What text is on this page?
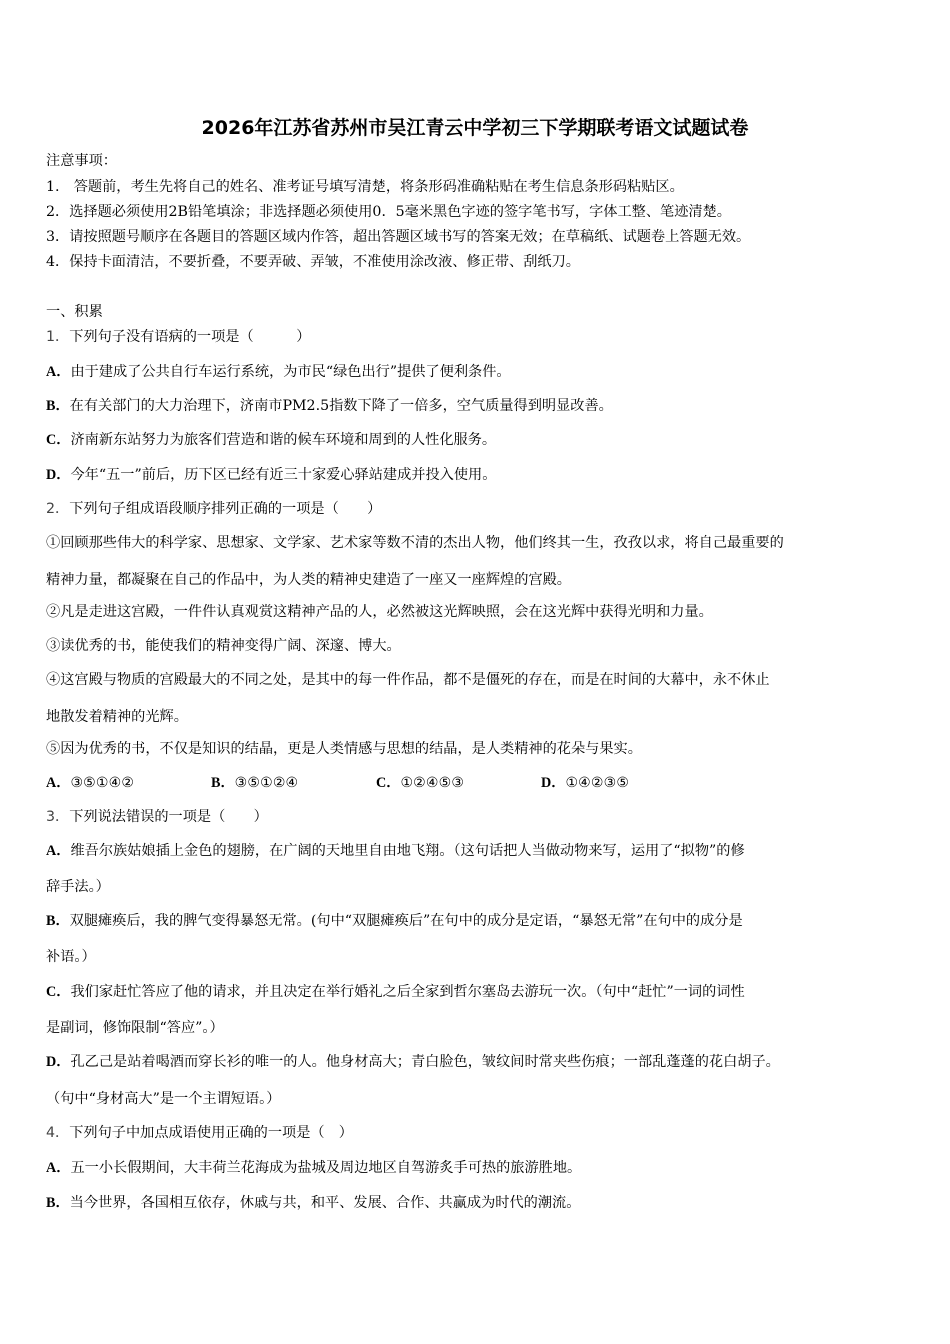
2026年江苏省苏州市吴江青云中学初三下学期联考语文试题试卷
注意事项：
1.　答题前，考生先将自己的姓名、准考证号填写清楚，将条形码准确粘贴在考生信息条形码粘贴区。
2．选择题必须使用2B铅笔填涂；非选择题必须使用0．5毫米黑色字迹的签字笔书写，字体工整、笔迹清楚。
3．请按照题号顺序在各题目的答题区域内作答，超出答题区域书写的答案无效；在草稿纸、试题卷上答题无效。
4．保持卡面清洁，不要折叠，不要弄破、弄皱，不准使用涂改液、修正带、刮纸刀。
一、积累
1．下列句子没有语病的一项是（　　　）
A．由于建成了公共自行车运行系统，为市民“绿色出行”提供了便利条件。
B．在有关部门的大力治理下，济南市PM2.5指数下降了一倍多，空气质量得到明显改善。
C．济南新东站努力为旅客们营造和谐的候车环境和周到的人性化服务。
D．今年“五一”前后，历下区已经有近三十家爱心驿站建成并投入使用。
2．下列句子组成语段顺序排列正确的一项是（　　）
①回顾那些伟大的科学家、思想家、文学家、艺术家等数不清的杰出人物，他们终其一生，孜孜以求，将自己最重要的
精神力量，都凝聚在自己的作品中，为人类的精神史建造了一座又一座辉煌的宫殿。
②凡是走进这宫殿，一件件认真观赏这精神产品的人，必然被这光辉映照，会在这光辉中获得光明和力量。
③读优秀的书，能使我们的精神变得广阔、深邃、博大。
④这宫殿与物质的宫殿最大的不同之处，是其中的每一件作品，都不是僵死的存在，而是在时间的大幕中，永不休止
地散发着精神的光辉。
⑤因为优秀的书，不仅是知识的结晶，更是人类情感与思想的结晶，是人类精神的花朵与果实。
A．③⑤①④②	B．③⑤①②④	C．①②④⑤③	D．①④②③⑤
3．下列说法错误的一项是（　　）
A．维吾尔族姑娘插上金色的翅膀，在广阔的天地里自由地飞翔。（这句话把人当做动物来写，运用了“拟物”的修
辞手法。）
B．双腿瘫痪后，我的脾气变得暴怒无常。(句中“双腿瘫痪后”在句中的成分是定语，“暴怒无常”在句中的成分是
补语。）
C．我们家赶忙答应了他的请求，并且决定在举行婚礼之后全家到哲尔塞岛去游玩一次。（句中“赶忙”一词的词性
是副词，修饰限制“答应”。）
D．孔乙己是站着喝酒而穿长衫的唯一的人。他身材高大；青白脸色，皱纹间时常夹些伤痕；一部乱蓬蓬的花白胡子。
（句中“身材高大”是一个主谓短语。）
4．下列句子中加点成语使用正确的一项是（　）
A．五一小长假期间，大丰荷兰花海成为盐城及周边地区自驾游炙手可热的旅游胜地。
B．当今世界，各国相互依存，休戚与共，和平、发展、合作、共赢成为时代的潮流。
